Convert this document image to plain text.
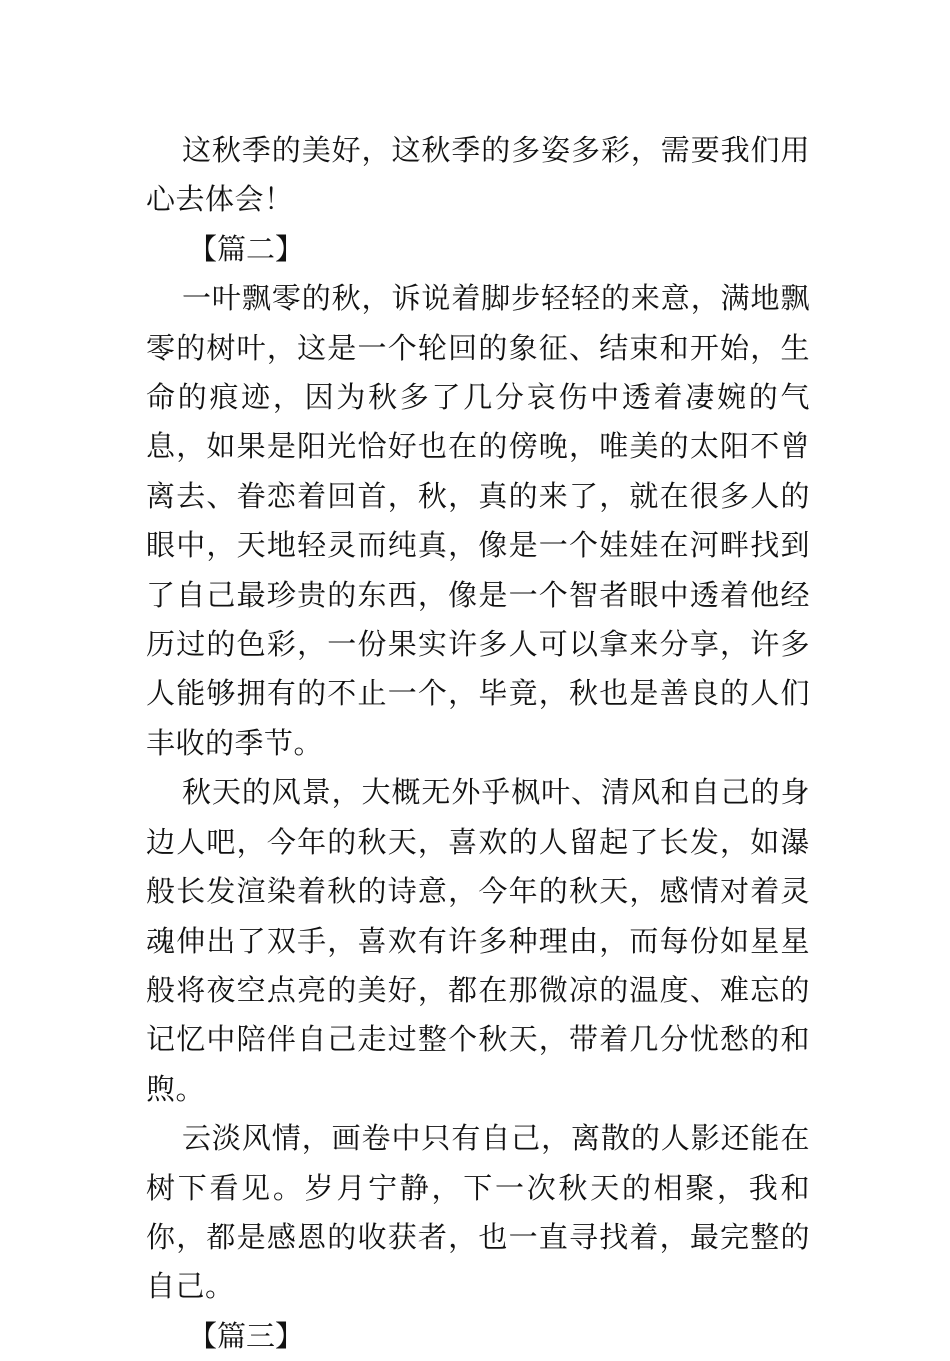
这秋季的美好，这秋季的多姿多彩，需要我们用心去体会！

【篇二】

一叶飘零的秋，诉说着脚步轻轻的来意，满地飘零的树叶，这是一个轮回的象征、结束和开始，生命的痕迹，因为秋多了几分哀伤中透着凄婉的气息，如果是阳光恰好也在的傍晚，唯美的太阳不曾离去、眷恋着回首，秋，真的来了，就在很多人的眼中，天地轻灵而纯真，像是一个娃娃在河畔找到了自己最珍贵的东西，像是一个智者眼中透着他经历过的色彩，一份果实许多人可以拿来分享，许多人能够拥有的不止一个，毕竟，秋也是善良的人们丰收的季节。

秋天的风景，大概无外乎枫叶、清风和自己的身边人吧，今年的秋天，喜欢的人留起了长发，如瀑般长发渲染着秋的诗意，今年的秋天，感情对着灵魂伸出了双手，喜欢有许多种理由，而每份如星星般将夜空点亮的美好，都在那微凉的温度、难忘的记忆中陪伴自己走过整个秋天，带着几分忧愁的和煦。

云淡风情，画卷中只有自己，离散的人影还能在树下看见。岁月宁静，下一次秋天的相聚，我和你，都是感恩的收获者，也一直寻找着，最完整的自己。

【篇三】
